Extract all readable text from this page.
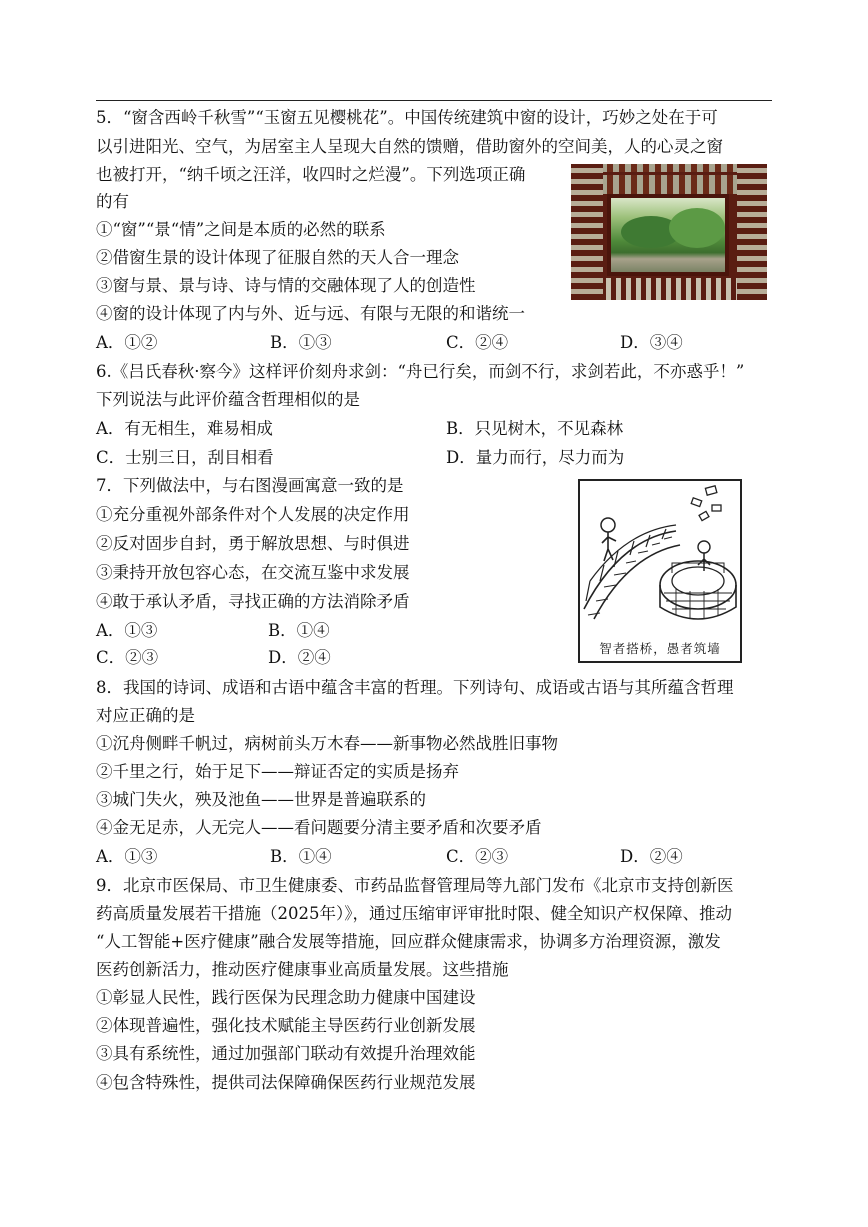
5．“窗含西岭千秋雪”“玉窗五见樱桃花”。中国传统建筑中窗的设计，巧妙之处在于可
以引进阳光、空气，为居室主人呈现大自然的馈赠，借助窗外的空间美，人的心灵之窗
也被打开，“纳千顷之汪洋，收四时之烂漫”。下列选项正确
的有
①“窗”“景“情”之间是本质的必然的联系
②借窗生景的设计体现了征服自然的天人合一理念
③窗与景、景与诗、诗与情的交融体现了人的创造性
④窗的设计体现了内与外、近与远、有限与无限的和谐统一
A．①②	B．①③	C．②④	D．③④
6.《吕氏春秋·察今》这样评价刻舟求剑：“舟已行矣，而剑不行，求剑若此，不亦惑乎！”
下列说法与此评价蕴含哲理相似的是
A．有无相生，难易相成	B．只见树木，不见森林
C．士别三日，刮目相看	D．量力而行，尽力而为
7．下列做法中，与右图漫画寓意一致的是
①充分重视外部条件对个人发展的决定作用
②反对固步自封，勇于解放思想、与时俱进
③秉持开放包容心态，在交流互鉴中求发展
④敢于承认矛盾，寻找正确的方法消除矛盾
A．①③	B．①④
C．②③	D．②④	智者搭桥，愚者筑墙
8．我国的诗词、成语和古语中蕴含丰富的哲理。下列诗句、成语或古语与其所蕴含哲理
对应正确的是
①沉舟侧畔千帆过，病树前头万木春——新事物必然战胜旧事物
②千里之行，始于足下——辩证否定的实质是扬弃
③城门失火，殃及池鱼——世界是普遍联系的
④金无足赤，人无完人——看问题要分清主要矛盾和次要矛盾
A．①③	B．①④	C．②③	D．②④
9．北京市医保局、市卫生健康委、市药品监督管理局等九部门发布《北京市支持创新医
药高质量发展若干措施（2025年）》，通过压缩审评审批时限、健全知识产权保障、推动
“人工智能+医疗健康”融合发展等措施，回应群众健康需求，协调多方治理资源，激发
医药创新活力，推动医疗健康事业高质量发展。这些措施
①彰显人民性，践行医保为民理念助力健康中国建设
②体现普遍性，强化技术赋能主导医药行业创新发展
③具有系统性，通过加强部门联动有效提升治理效能
④包含特殊性，提供司法保障确保医药行业规范发展
